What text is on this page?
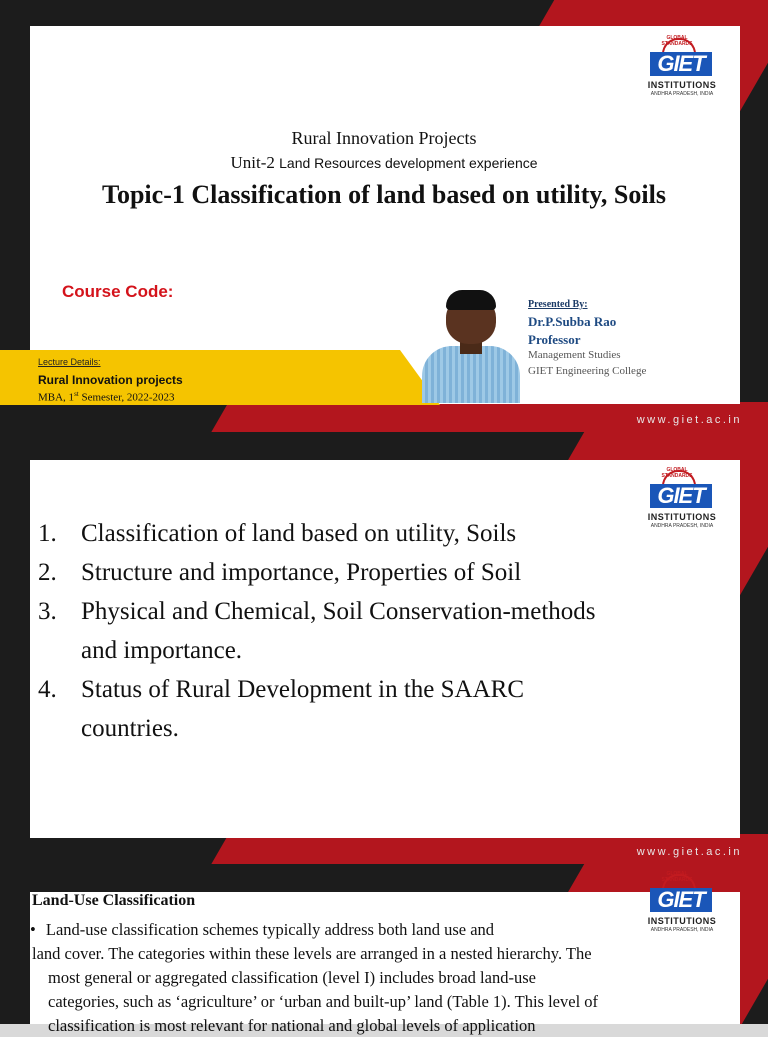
GLOBAL STANDARDS
GIET
INSTITUTIONS
ANDHRA PRADESH, INDIA
Rural Innovation Projects
Unit-2 Land Resources development experience
Topic-1 Classification of land based on utility, Soils
Course Code:
Lecture Details:
Rural Innovation projects
MBA, 1st Semester, 2022-2023
Presented By:
Dr.P.Subba Rao
Professor
Management Studies
GIET Engineering College
www.giet.ac.in
GLOBAL STANDARDS
GIET
INSTITUTIONS
ANDHRA PRADESH, INDIA
www.giet.ac.in
1. Classification of land based on utility, Soils
2. Structure and importance, Properties of Soil
3. Physical and Chemical, Soil Conservation-methods and importance.
4. Status of Rural Development in the SAARC countries.
GLOBAL STANDARDS
GIET
INSTITUTIONS
ANDHRA PRADESH, INDIA
Land-Use Classification
• Land-use classification schemes typically address both land use and
land cover. The categories within these levels are arranged in a nested hierarchy. The
most general or aggregated classification (level I) includes broad land-use
categories, such as ‘agriculture’ or ‘urban and built-up’ land (Table 1). This level of
classification is most relevant for national and global levels of application
